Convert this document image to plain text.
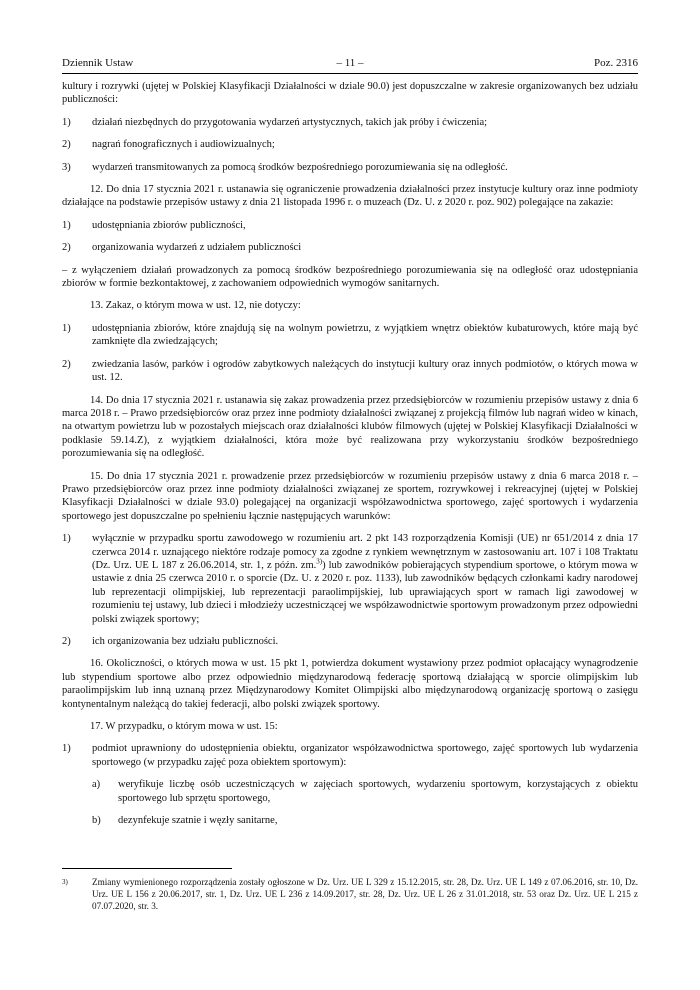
Dziennik Ustaw	– 11 –	Poz. 2316

kultury i rozrywki (ujętej w Polskiej Klasyfikacji Działalności w dziale 90.0) jest dopuszczalne w zakresie organizowanych bez udziału publiczności:

1) działań niezbędnych do przygotowania wydarzeń artystycznych, takich jak próby i ćwiczenia;
2) nagrań fonograficznych i audiowizualnych;
3) wydarzeń transmitowanych za pomocą środków bezpośredniego porozumiewania się na odległość.

12. Do dnia 17 stycznia 2021 r. ustanawia się ograniczenie prowadzenia działalności przez instytucje kultury oraz inne podmioty działające na podstawie przepisów ustawy z dnia 21 listopada 1996 r. o muzeach (Dz. U. z 2020 r. poz. 902) polegające na zakazie:

1) udostępniania zbiorów publiczności,
2) organizowania wydarzeń z udziałem publiczności

– z wyłączeniem działań prowadzonych za pomocą środków bezpośredniego porozumiewania się na odległość oraz udostępniania zbiorów w formie bezkontaktowej, z zachowaniem odpowiednich wymogów sanitarnych.

13. Zakaz, o którym mowa w ust. 12, nie dotyczy:

1) udostępniania zbiorów, które znajdują się na wolnym powietrzu, z wyjątkiem wnętrz obiektów kubaturowych, które mają być zamknięte dla zwiedzających;
2) zwiedzania lasów, parków i ogrodów zabytkowych należących do instytucji kultury oraz innych podmiotów, o których mowa w ust. 12.

14. Do dnia 17 stycznia 2021 r. ustanawia się zakaz prowadzenia przez przedsiębiorców w rozumieniu przepisów ustawy z dnia 6 marca 2018 r. – Prawo przedsiębiorców oraz przez inne podmioty działalności związanej z projekcją filmów lub nagrań wideo w kinach, na otwartym powietrzu lub w pozostałych miejscach oraz działalności klubów filmowych (ujętej w Polskiej Klasyfikacji Działalności w podklasie 59.14.Z), z wyjątkiem działalności, która może być realizowana przy wykorzystaniu środków bezpośredniego porozumiewania się na odległość.

15. Do dnia 17 stycznia 2021 r. prowadzenie przez przedsiębiorców w rozumieniu przepisów ustawy z dnia 6 marca 2018 r. – Prawo przedsiębiorców oraz przez inne podmioty działalności związanej ze sportem, rozrywkowej i rekreacyjnej (ujętej w Polskiej Klasyfikacji Działalności w dziale 93.0) polegającej na organizacji współzawodnictwa sportowego, zajęć sportowych i wydarzenia sportowego jest dopuszczalne po spełnieniu łącznie następujących warunków:

1) wyłącznie w przypadku sportu zawodowego w rozumieniu art. 2 pkt 143 rozporządzenia Komisji (UE) nr 651/2014 z dnia 17 czerwca 2014 r. uznającego niektóre rodzaje pomocy za zgodne z rynkiem wewnętrznym w zastosowaniu art. 107 i 108 Traktatu (Dz. Urz. UE L 187 z 26.06.2014, str. 1, z późn. zm.$^{3)}$) lub zawodników pobierających stypendium sportowe, o którym mowa w ustawie z dnia 25 czerwca 2010 r. o sporcie (Dz. U. z 2020 r. poz. 1133), lub zawodników będących członkami kadry narodowej lub reprezentacji olimpijskiej, lub reprezentacji paraolimpijskiej, lub uprawiających sport w ramach ligi zawodowej w rozumieniu tej ustawy, lub dzieci i młodzieży uczestniczącej we współzawodnictwie sportowym prowadzonym przez odpowiedni polski związek sportowy;
2) ich organizowania bez udziału publiczności.

16. Okoliczności, o których mowa w ust. 15 pkt 1, potwierdza dokument wystawiony przez podmiot opłacający wynagrodzenie lub stypendium sportowe albo przez odpowiednio międzynarodową federację sportową działającą w sporcie olimpijskim lub paraolimpijskim lub inną uznaną przez Międzynarodowy Komitet Olimpijski albo międzynarodową organizację sportową o zasięgu kontynentalnym należącą do takiej federacji, albo polski związek sportowy.

17. W przypadku, o którym mowa w ust. 15:

1) podmiot uprawniony do udostępnienia obiektu, organizator współzawodnictwa sportowego, zajęć sportowych lub wydarzenia sportowego (w przypadku zajęć poza obiektem sportowym):
a) weryfikuje liczbę osób uczestniczących w zajęciach sportowych, wydarzeniu sportowym, korzystających z obiektu sportowego lub sprzętu sportowego,
b) dezynfekuje szatnie i węzły sanitarne,
3)	Zmiany wymienionego rozporządzenia zostały ogłoszone w Dz. Urz. UE L 329 z 15.12.2015, str. 28, Dz. Urz. UE L 149 z 07.06.2016, str. 10, Dz. Urz. UE L 156 z 20.06.2017, str. 1, Dz. Urz. UE L 236 z 14.09.2017, str. 28, Dz. Urz. UE L 26 z 31.01.2018, str. 53 oraz Dz. Urz. UE L 215 z 07.07.2020, str. 3.
